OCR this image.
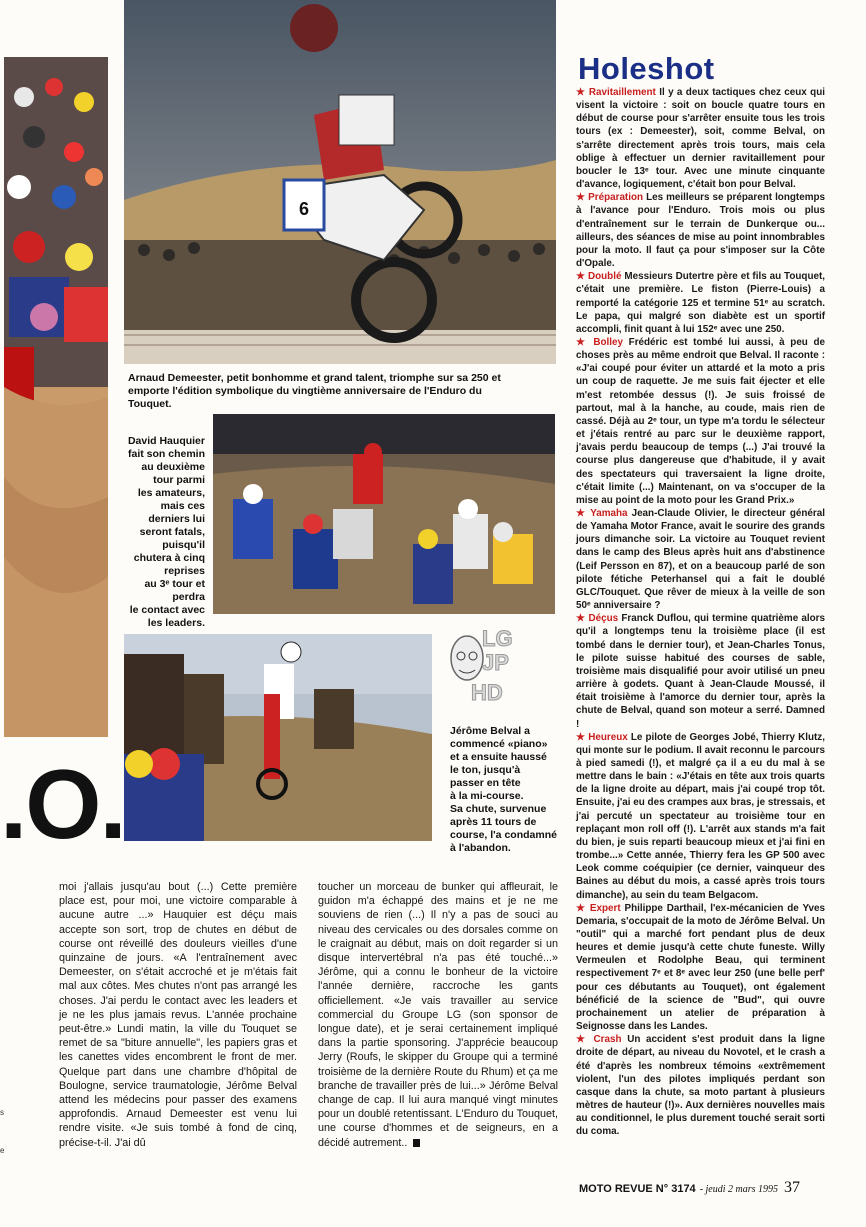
6
Arnaud Demeester, petit bonhomme et grand talent, triomphe sur sa 250 et emporte l'édition symbolique du vingtième anniversaire de l'Enduro du Touquet.
David Hauquier
fait son chemin
au deuxième
tour parmi
les amateurs,
mais ces
derniers lui
seront fatals,
puisqu'il
chutera à cinq
reprises
au 3ᵉ tour et
perdra
le contact avec
les leaders.
LG
JP
HD
Jérôme Belval a
commencé «piano»
et a ensuite haussé
le ton, jusqu'à
passer en tête
à la mi-course.
Sa chute, survenue
après 11 tours de
course, l'a condamné
à l'abandon.
.O.
s
e
moi j'allais jusqu'au bout (...) Cette première place est, pour moi, une victoire comparable à aucune autre ...» Hauquier est déçu mais accepte son sort, trop de chutes en début de course ont réveillé des douleurs vieilles d'une quinzaine de jours. «A l'entraînement avec Demeester, on s'était accroché et je m'étais fait mal aux côtes. Mes chutes n'ont pas arrangé les choses. J'ai perdu le contact avec les leaders et je ne les plus jamais revus. L'année prochaine peut-être.» Lundi matin, la ville du Touquet se remet de sa "biture annuelle", les papiers gras et les canettes vides encombrent le front de mer. Quelque part dans une chambre d'hôpital de Boulogne, service traumatologie, Jérôme Belval attend les médecins pour passer des examens approfondis. Arnaud Demeester est venu lui rendre visite. «Je suis tombé à fond de cinq, précise-t-il. J'ai dû
toucher un morceau de bunker qui affleurait, le guidon m'a échappé des mains et je ne me souviens de rien (...) Il n'y a pas de souci au niveau des cervicales ou des dorsales comme on le craignait au début, mais on doit regarder si un disque intervertébral n'a pas été touché...» Jérôme, qui a connu le bonheur de la victoire l'année dernière, raccroche les gants officiellement. «Je vais travailler au service commercial du Groupe LG (son sponsor de longue date), et je serai certainement impliqué dans la partie sponsoring. J'apprécie beaucoup Jerry (Roufs, le skipper du Groupe qui a terminé troisième de la dernière Route du Rhum) et ça me branche de travailler près de lui...» Jérôme Belval change de cap. Il lui aura manqué vingt minutes pour un doublé retentissant. L'Enduro du Touquet, une course d'hommes et de seigneurs, en a décidé autrement..
Holeshot

★ Ravitaillement Il y a deux tactiques chez ceux qui visent la victoire : soit on boucle quatre tours en début de course pour s'arrêter ensuite tous les trois tours (ex : Demeester), soit, comme Belval, on s'arrête directement après trois tours, mais cela oblige à effectuer un dernier ravitaillement pour boucler le 13ᵉ tour. Avec une minute cinquante d'avance, logiquement, c'était bon pour Belval.

★ Préparation Les meilleurs se préparent longtemps à l'avance pour l'Enduro. Trois mois ou plus d'entraînement sur le terrain de Dunkerque ou... ailleurs, des séances de mise au point innombrables pour la moto. Il faut ça pour s'imposer sur la Côte d'Opale.

★ Doublé Messieurs Dutertre père et fils au Touquet, c'était une première. Le fiston (Pierre-Louis) a remporté la catégorie 125 et termine 51ᵉ au scratch. Le papa, qui malgré son diabète est un sportif accompli, finit quant à lui 152ᵉ avec une 250.

★ Bolley Frédéric est tombé lui aussi, à peu de choses près au même endroit que Belval. Il raconte : «J'ai coupé pour éviter un attardé et la moto a pris un coup de raquette. Je me suis fait éjecter et elle m'est retombée dessus (!). Je suis froissé de partout, mal à la hanche, au coude, mais rien de cassé. Déjà au 2ᵉ tour, un type m'a tordu le sélecteur et j'étais rentré au parc sur le deuxième rapport, j'avais perdu beaucoup de temps (...) J'ai trouvé la course plus dangereuse que d'habitude, il y avait des spectateurs qui traversaient la ligne droite, c'était limite (...) Maintenant, on va s'occuper de la mise au point de la moto pour les Grand Prix.»

★ Yamaha Jean-Claude Olivier, le directeur général de Yamaha Motor France, avait le sourire des grands jours dimanche soir. La victoire au Touquet revient dans le camp des Bleus après huit ans d'abstinence (Leif Persson en 87), et on a beaucoup parlé de son pilote fétiche Peterhansel qui a fait le doublé GLC/Touquet. Que rêver de mieux à la veille de son 50ᵉ anniversaire ?

★ Déçus Franck Duflou, qui termine quatrième alors qu'il a longtemps tenu la troisième place (il est tombé dans le dernier tour), et Jean-Charles Tonus, le pilote suisse habitué des courses de sable, troisième mais disqualifié pour avoir utilisé un pneu arrière à godets. Quant à Jean-Claude Moussé, il était troisième à l'amorce du dernier tour, après la chute de Belval, quand son moteur a serré. Damned !

★ Heureux Le pilote de Georges Jobé, Thierry Klutz, qui monte sur le podium. Il avait reconnu le parcours à pied samedi (!), et malgré ça il a eu du mal à se mettre dans le bain : «J'étais en tête aux trois quarts de la ligne droite au départ, mais j'ai coupé trop tôt. Ensuite, j'ai eu des crampes aux bras, je stressais, et j'ai percuté un spectateur au troisième tour en replaçant mon roll off (!). L'arrêt aux stands m'a fait du bien, je suis reparti beaucoup mieux et j'ai fini en trombe...» Cette année, Thierry fera les GP 500 avec Leok comme coéquipier (ce dernier, vainqueur des Baines au début du mois, a cassé après trois tours dimanche), au sein du team Belgacom.

★ Expert Philippe Darthail, l'ex-mécanicien de Yves Demaria, s'occupait de la moto de Jérôme Belval. Un "outil" qui a marché fort pendant plus de deux heures et demie jusqu'à cette chute funeste. Willy Vermeulen et Rodolphe Beau, qui terminent respectivement 7ᵉ et 8ᵉ avec leur 250 (une belle perf' pour ces débutants au Touquet), ont également bénéficié de la science de "Bud", qui ouvre prochainement un atelier de préparation à Seignosse dans les Landes.

★ Crash Un accident s'est produit dans la ligne droite de départ, au niveau du Novotel, et le crash a été d'après les nombreux témoins «extrêmement violent, l'un des pilotes impliqués perdant son casque dans la chute, sa moto partant à plusieurs mètres de hauteur (!)». Aux dernières nouvelles mais au conditionnel, le plus durement touché serait sorti du coma.

MOTO REVUE N° 3174 - jeudi 2 mars 1995 37
